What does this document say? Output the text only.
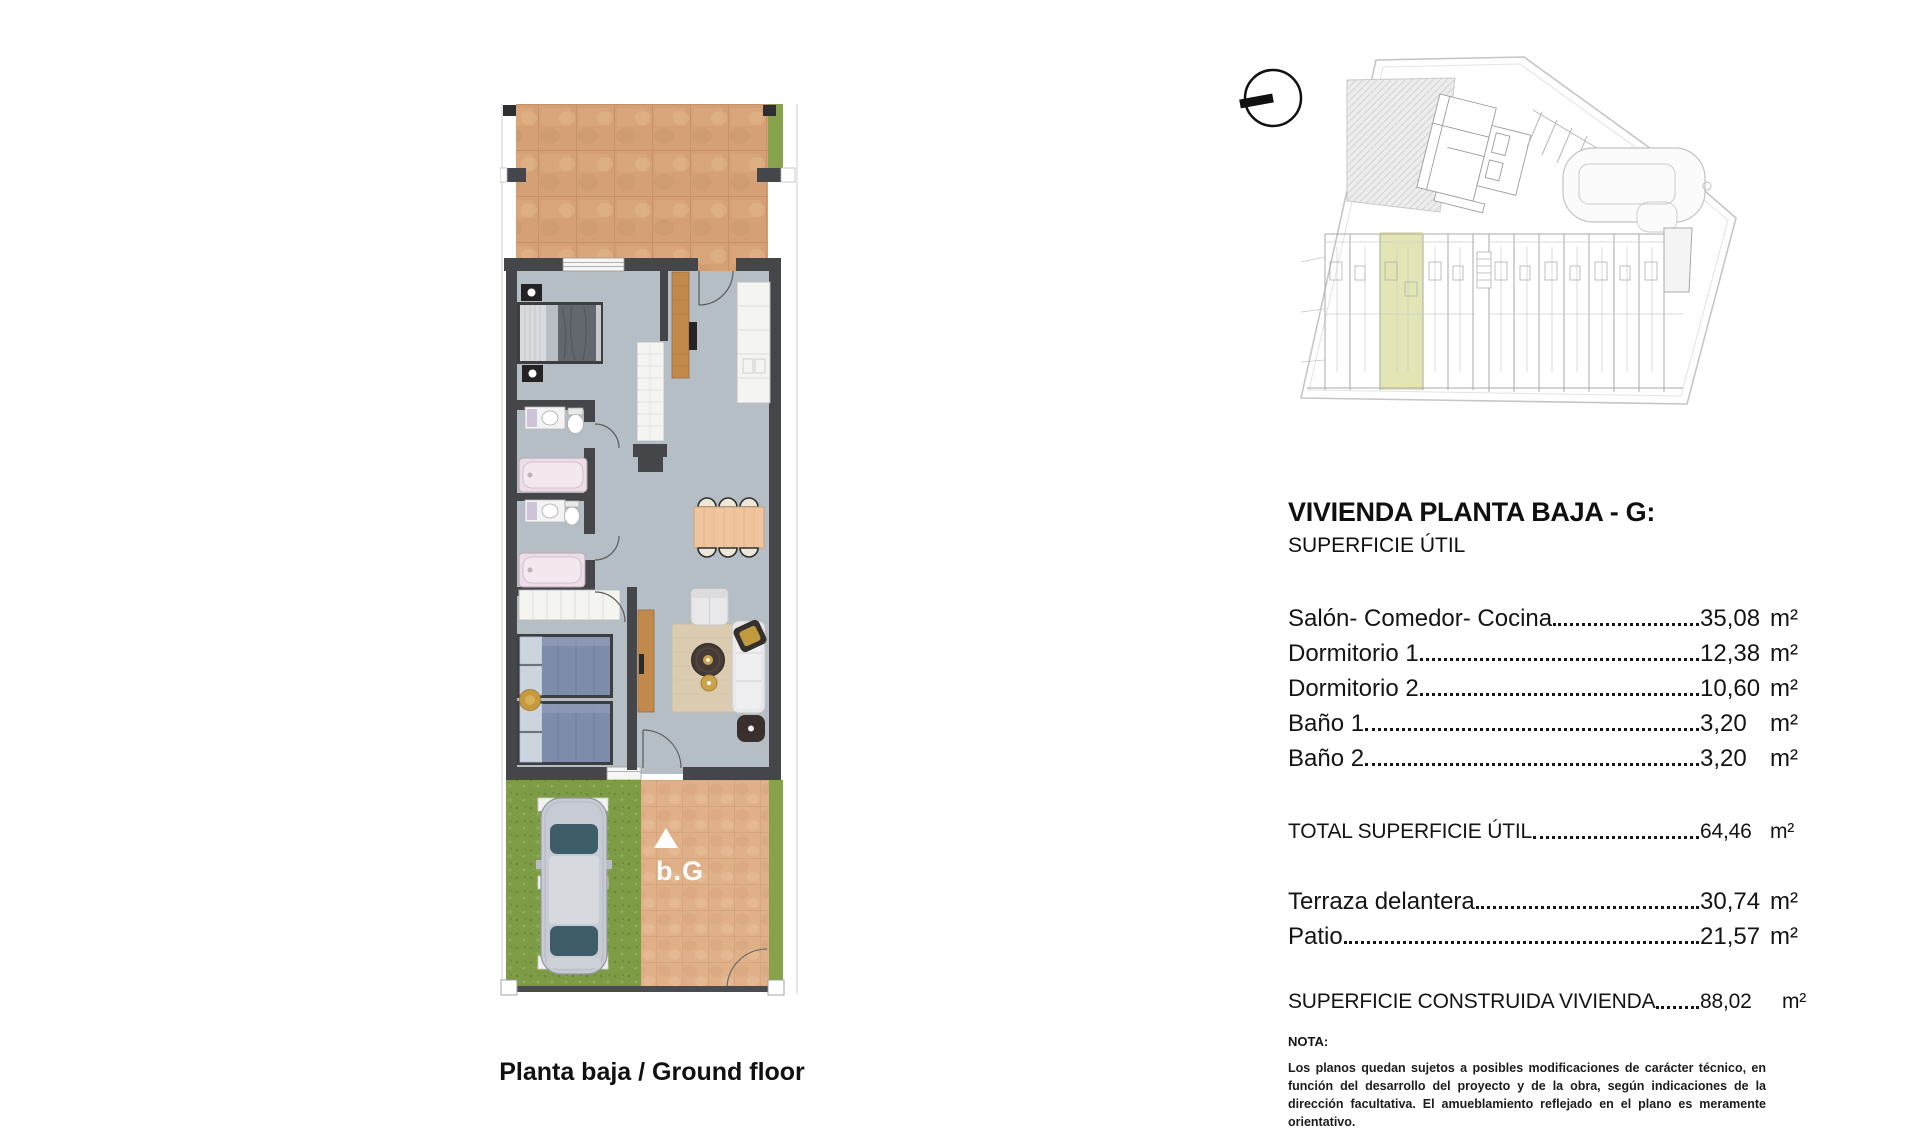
b.G
VIVIENDA PLANTA BAJA - G:
SUPERFICIE ÚTIL
Salón- Comedor- Cocina	35,08 m²
Dormitorio 1	12,38 m²
Dormitorio 2	10,60 m²
Baño 1	3,20 m²
Baño 2	3,20 m²
TOTAL SUPERFICIE ÚTIL	64,46 m²
Terraza delantera	30,74 m²
Patio	21,57 m²
SUPERFICIE CONSTRUIDA VIVIENDA 88,02	m²
NOTA:
Los planos quedan sujetos a posibles modificaciones de carácter técnico, en función del desarrollo del proyecto y de la obra, según indicaciones de la dirección facultativa. El amueblamiento reflejado en el plano es meramente orientativo.
Planta baja / Ground floor
